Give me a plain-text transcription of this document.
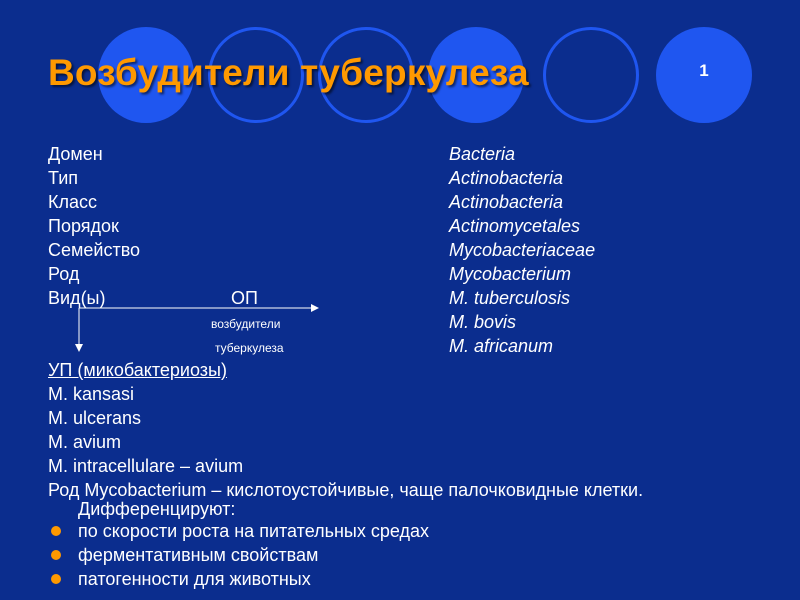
1
Возбудители туберкулеза
Домен
Тип
Класс
Порядок
Семейство
Род
Вид(ы)
Bacteria
Actinobacteria
Actinobacteria
Actinomycetales
Mycobacteriaceae
Mycobacterium
M. tuberculosis
M. bovis
M. africanum
ОП
возбудители
туберкулеза
УП (микобактериозы)
M. kansasi
M. ulcerans
M. avium
M. intracellulare – avium
Род Mycobacterium – кислотоустойчивые, чаще палочковидные клетки.
Дифференцируют:
по скорости роста на питательных средах
ферментативным свойствам
патогенности для животных
